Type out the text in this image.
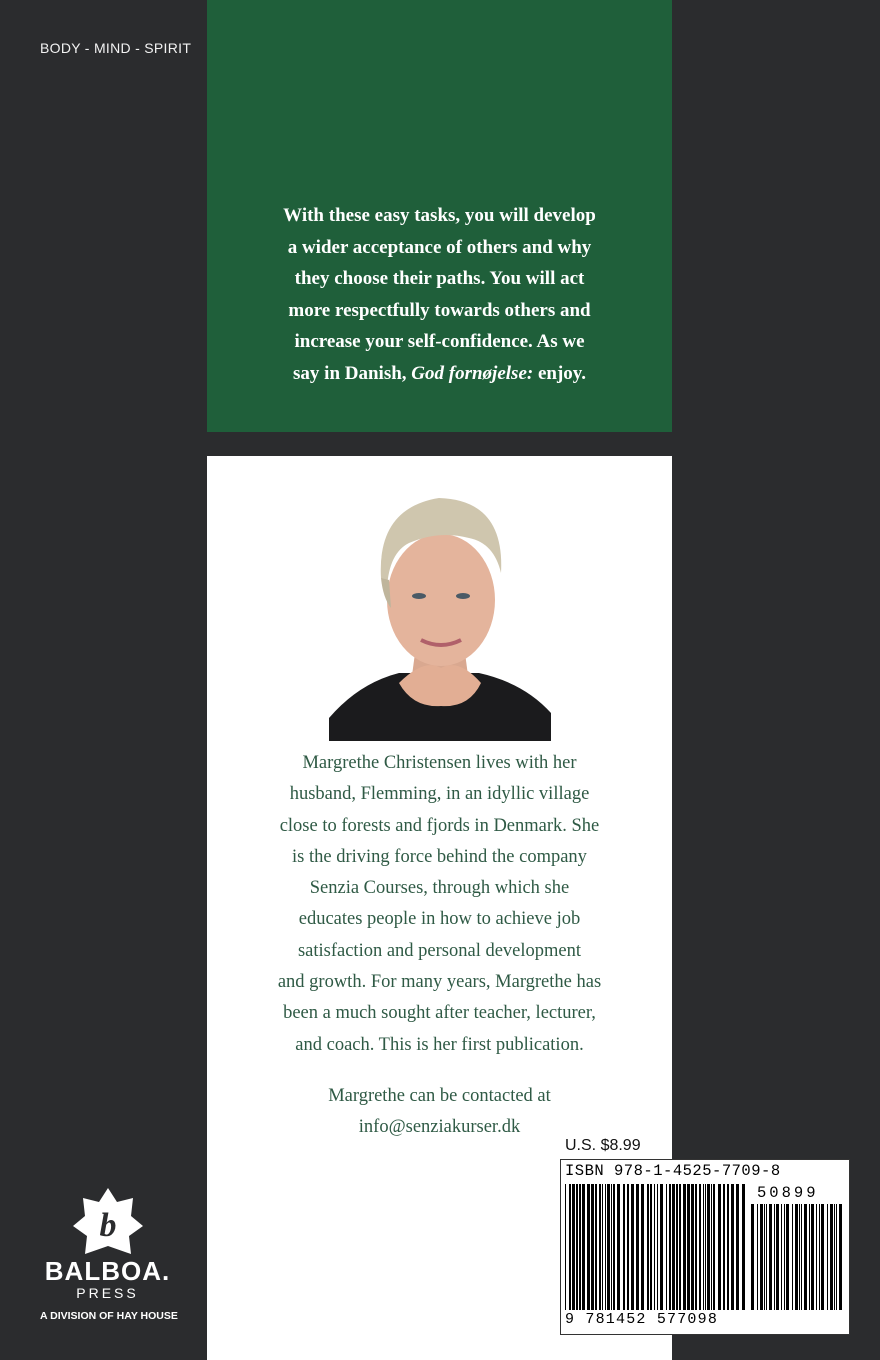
BODY - MIND - SPIRIT
With these easy tasks, you will develop
a wider acceptance of others and why
they choose their paths. You will act
more respectfully towards others and
increase your self-confidence. As we
say in Danish, God fornøjelse: enjoy.
Margrethe Christensen lives with her
husband, Flemming, in an idyllic village
close to forests and fjords in Denmark. She
is the driving force behind the company
Senzia Courses, through which she
educates people in how to achieve job
satisfaction and personal development
and growth. For many years, Margrethe has
been a much sought after teacher, lecturer,
and coach. This is her first publication.
Margrethe can be contacted at
info@senziakurser.dk
U.S. $8.99
ISBN 978-1-4525-7709-8
50899
9 781452 577098
b
BALBOA.
PRESS
A DIVISION OF HAY HOUSE
